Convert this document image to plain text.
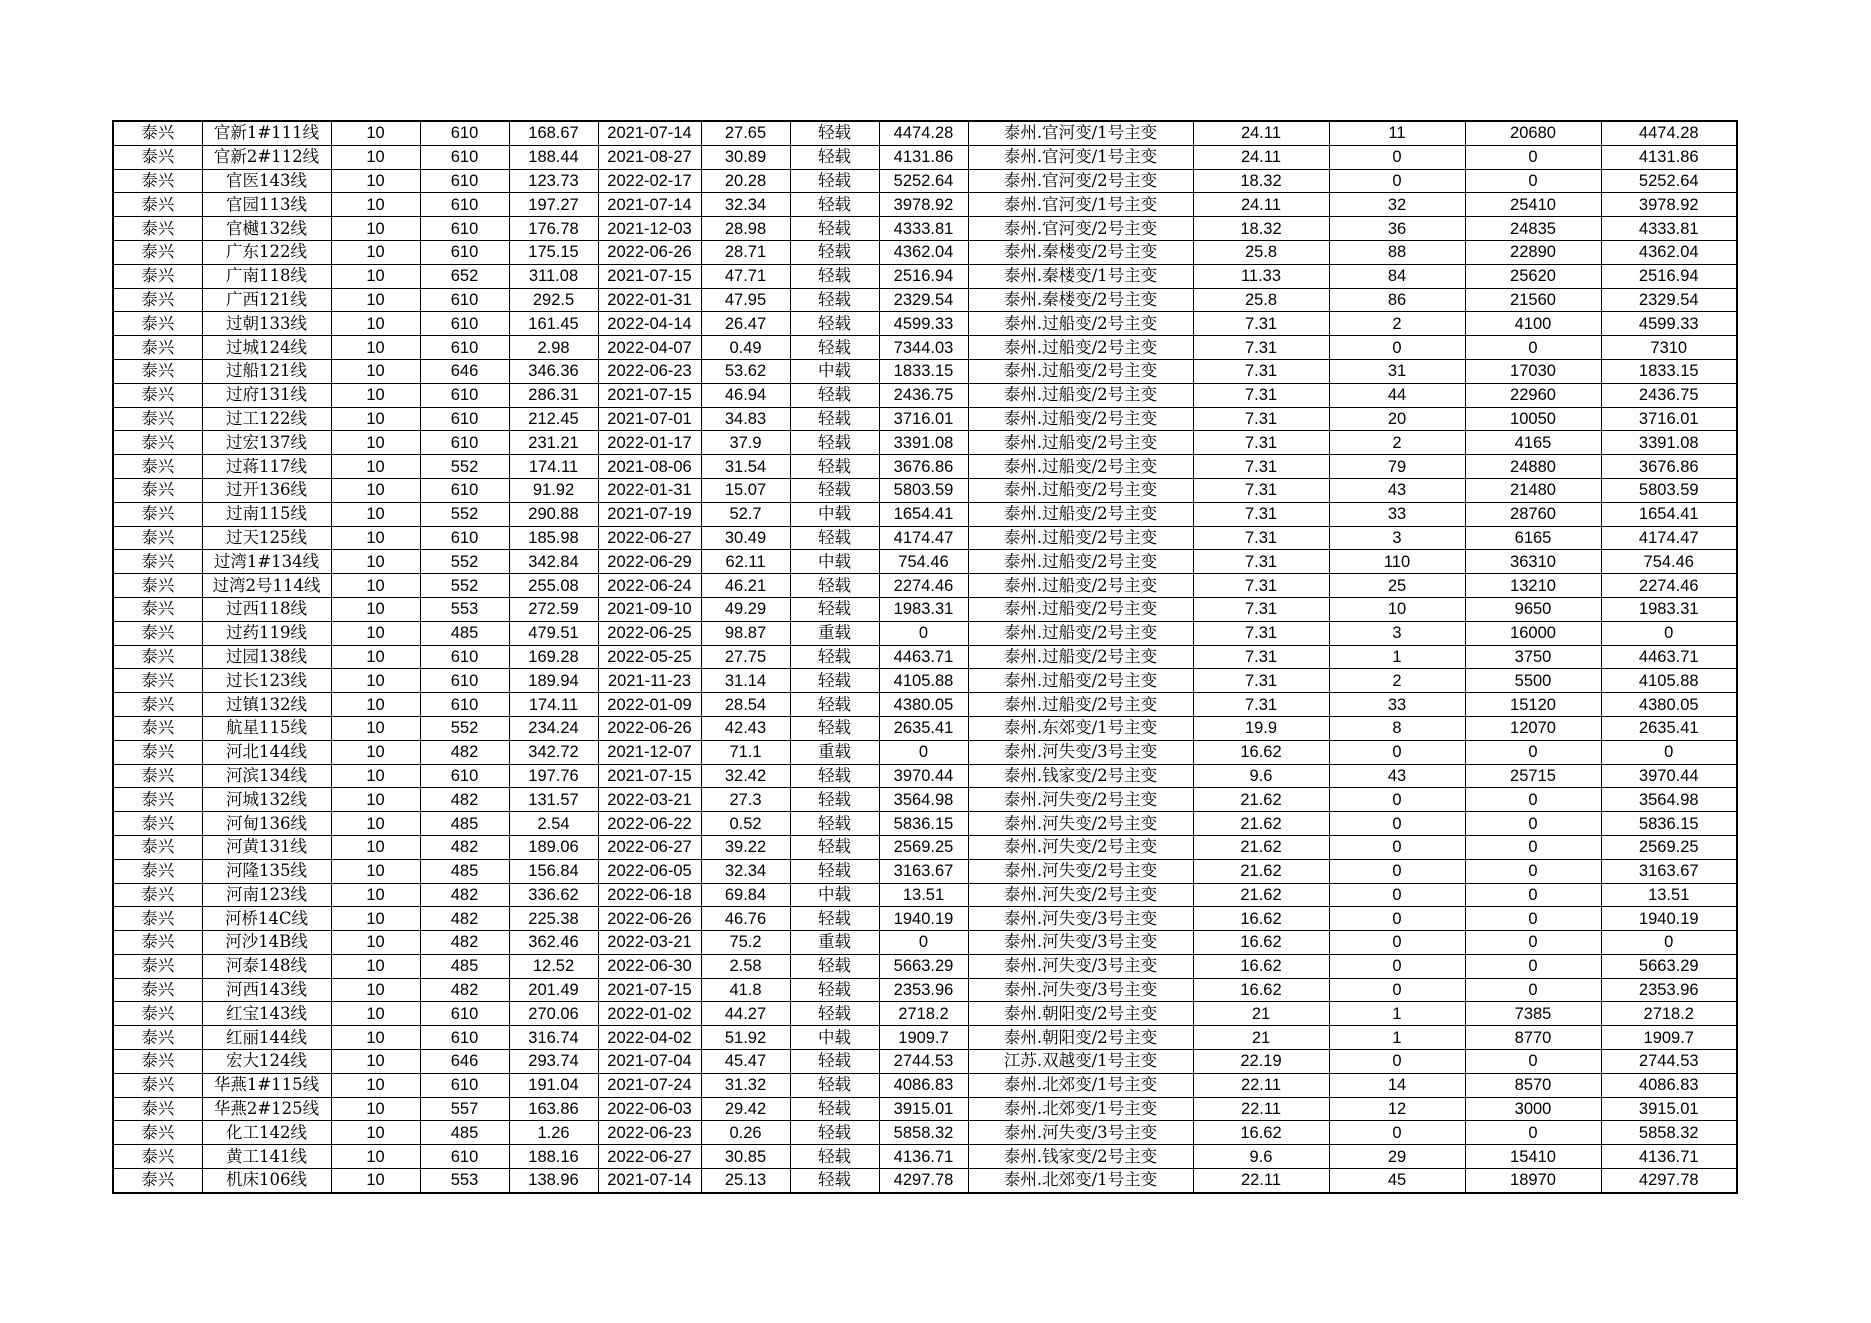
泰兴	官新1#111线	10	610	168.67	2021-07-14	27.65	轻载	4474.28	泰州.官河变/1号主变	24.11	11	20680	4474.28
泰兴	官新2#112线	10	610	188.44	2021-08-27	30.89	轻载	4131.86	泰州.官河变/1号主变	24.11	0	0	4131.86
泰兴	官医143线	10	610	123.73	2022-02-17	20.28	轻载	5252.64	泰州.官河变/2号主变	18.32	0	0	5252.64
泰兴	官园113线	10	610	197.27	2021-07-14	32.34	轻载	3978.92	泰州.官河变/1号主变	24.11	32	25410	3978.92
泰兴	官樾132线	10	610	176.78	2021-12-03	28.98	轻载	4333.81	泰州.官河变/2号主变	18.32	36	24835	4333.81
泰兴	广东122线	10	610	175.15	2022-06-26	28.71	轻载	4362.04	泰州.秦楼变/2号主变	25.8	88	22890	4362.04
泰兴	广南118线	10	652	311.08	2021-07-15	47.71	轻载	2516.94	泰州.秦楼变/1号主变	11.33	84	25620	2516.94
泰兴	广西121线	10	610	292.5	2022-01-31	47.95	轻载	2329.54	泰州.秦楼变/2号主变	25.8	86	21560	2329.54
泰兴	过朝133线	10	610	161.45	2022-04-14	26.47	轻载	4599.33	泰州.过船变/2号主变	7.31	2	4100	4599.33
泰兴	过城124线	10	610	2.98	2022-04-07	0.49	轻载	7344.03	泰州.过船变/2号主变	7.31	0	0	7310
泰兴	过船121线	10	646	346.36	2022-06-23	53.62	中载	1833.15	泰州.过船变/2号主变	7.31	31	17030	1833.15
泰兴	过府131线	10	610	286.31	2021-07-15	46.94	轻载	2436.75	泰州.过船变/2号主变	7.31	44	22960	2436.75
泰兴	过工122线	10	610	212.45	2021-07-01	34.83	轻载	3716.01	泰州.过船变/2号主变	7.31	20	10050	3716.01
泰兴	过宏137线	10	610	231.21	2022-01-17	37.9	轻载	3391.08	泰州.过船变/2号主变	7.31	2	4165	3391.08
泰兴	过蒋117线	10	552	174.11	2021-08-06	31.54	轻载	3676.86	泰州.过船变/2号主变	7.31	79	24880	3676.86
泰兴	过开136线	10	610	91.92	2022-01-31	15.07	轻载	5803.59	泰州.过船变/2号主变	7.31	43	21480	5803.59
泰兴	过南115线	10	552	290.88	2021-07-19	52.7	中载	1654.41	泰州.过船变/2号主变	7.31	33	28760	1654.41
泰兴	过天125线	10	610	185.98	2022-06-27	30.49	轻载	4174.47	泰州.过船变/2号主变	7.31	3	6165	4174.47
泰兴	过湾1#134线	10	552	342.84	2022-06-29	62.11	中载	754.46	泰州.过船变/2号主变	7.31	110	36310	754.46
泰兴	过湾2号114线	10	552	255.08	2022-06-24	46.21	轻载	2274.46	泰州.过船变/2号主变	7.31	25	13210	2274.46
泰兴	过西118线	10	553	272.59	2021-09-10	49.29	轻载	1983.31	泰州.过船变/2号主变	7.31	10	9650	1983.31
泰兴	过药119线	10	485	479.51	2022-06-25	98.87	重载	0	泰州.过船变/2号主变	7.31	3	16000	0
泰兴	过园138线	10	610	169.28	2022-05-25	27.75	轻载	4463.71	泰州.过船变/2号主变	7.31	1	3750	4463.71
泰兴	过长123线	10	610	189.94	2021-11-23	31.14	轻载	4105.88	泰州.过船变/2号主变	7.31	2	5500	4105.88
泰兴	过镇132线	10	610	174.11	2022-01-09	28.54	轻载	4380.05	泰州.过船变/2号主变	7.31	33	15120	4380.05
泰兴	航星115线	10	552	234.24	2022-06-26	42.43	轻载	2635.41	泰州.东郊变/1号主变	19.9	8	12070	2635.41
泰兴	河北144线	10	482	342.72	2021-12-07	71.1	重载	0	泰州.河失变/3号主变	16.62	0	0	0
泰兴	河滨134线	10	610	197.76	2021-07-15	32.42	轻载	3970.44	泰州.钱家变/2号主变	9.6	43	25715	3970.44
泰兴	河城132线	10	482	131.57	2022-03-21	27.3	轻载	3564.98	泰州.河失变/2号主变	21.62	0	0	3564.98
泰兴	河甸136线	10	485	2.54	2022-06-22	0.52	轻载	5836.15	泰州.河失变/2号主变	21.62	0	0	5836.15
泰兴	河黄131线	10	482	189.06	2022-06-27	39.22	轻载	2569.25	泰州.河失变/2号主变	21.62	0	0	2569.25
泰兴	河隆135线	10	485	156.84	2022-06-05	32.34	轻载	3163.67	泰州.河失变/2号主变	21.62	0	0	3163.67
泰兴	河南123线	10	482	336.62	2022-06-18	69.84	中载	13.51	泰州.河失变/2号主变	21.62	0	0	13.51
泰兴	河桥14C线	10	482	225.38	2022-06-26	46.76	轻载	1940.19	泰州.河失变/3号主变	16.62	0	0	1940.19
泰兴	河沙14B线	10	482	362.46	2022-03-21	75.2	重载	0	泰州.河失变/3号主变	16.62	0	0	0
泰兴	河泰148线	10	485	12.52	2022-06-30	2.58	轻载	5663.29	泰州.河失变/3号主变	16.62	0	0	5663.29
泰兴	河西143线	10	482	201.49	2021-07-15	41.8	轻载	2353.96	泰州.河失变/3号主变	16.62	0	0	2353.96
泰兴	红宝143线	10	610	270.06	2022-01-02	44.27	轻载	2718.2	泰州.朝阳变/2号主变	21	1	7385	2718.2
泰兴	红丽144线	10	610	316.74	2022-04-02	51.92	中载	1909.7	泰州.朝阳变/2号主变	21	1	8770	1909.7
泰兴	宏大124线	10	646	293.74	2021-07-04	45.47	轻载	2744.53	江苏.双越变/1号主变	22.19	0	0	2744.53
泰兴	华燕1#115线	10	610	191.04	2021-07-24	31.32	轻载	4086.83	泰州.北郊变/1号主变	22.11	14	8570	4086.83
泰兴	华燕2#125线	10	557	163.86	2022-06-03	29.42	轻载	3915.01	泰州.北郊变/1号主变	22.11	12	3000	3915.01
泰兴	化工142线	10	485	1.26	2022-06-23	0.26	轻载	5858.32	泰州.河失变/3号主变	16.62	0	0	5858.32
泰兴	黄工141线	10	610	188.16	2022-06-27	30.85	轻载	4136.71	泰州.钱家变/2号主变	9.6	29	15410	4136.71
泰兴	机床106线	10	553	138.96	2021-07-14	25.13	轻载	4297.78	泰州.北郊变/1号主变	22.11	45	18970	4297.78
